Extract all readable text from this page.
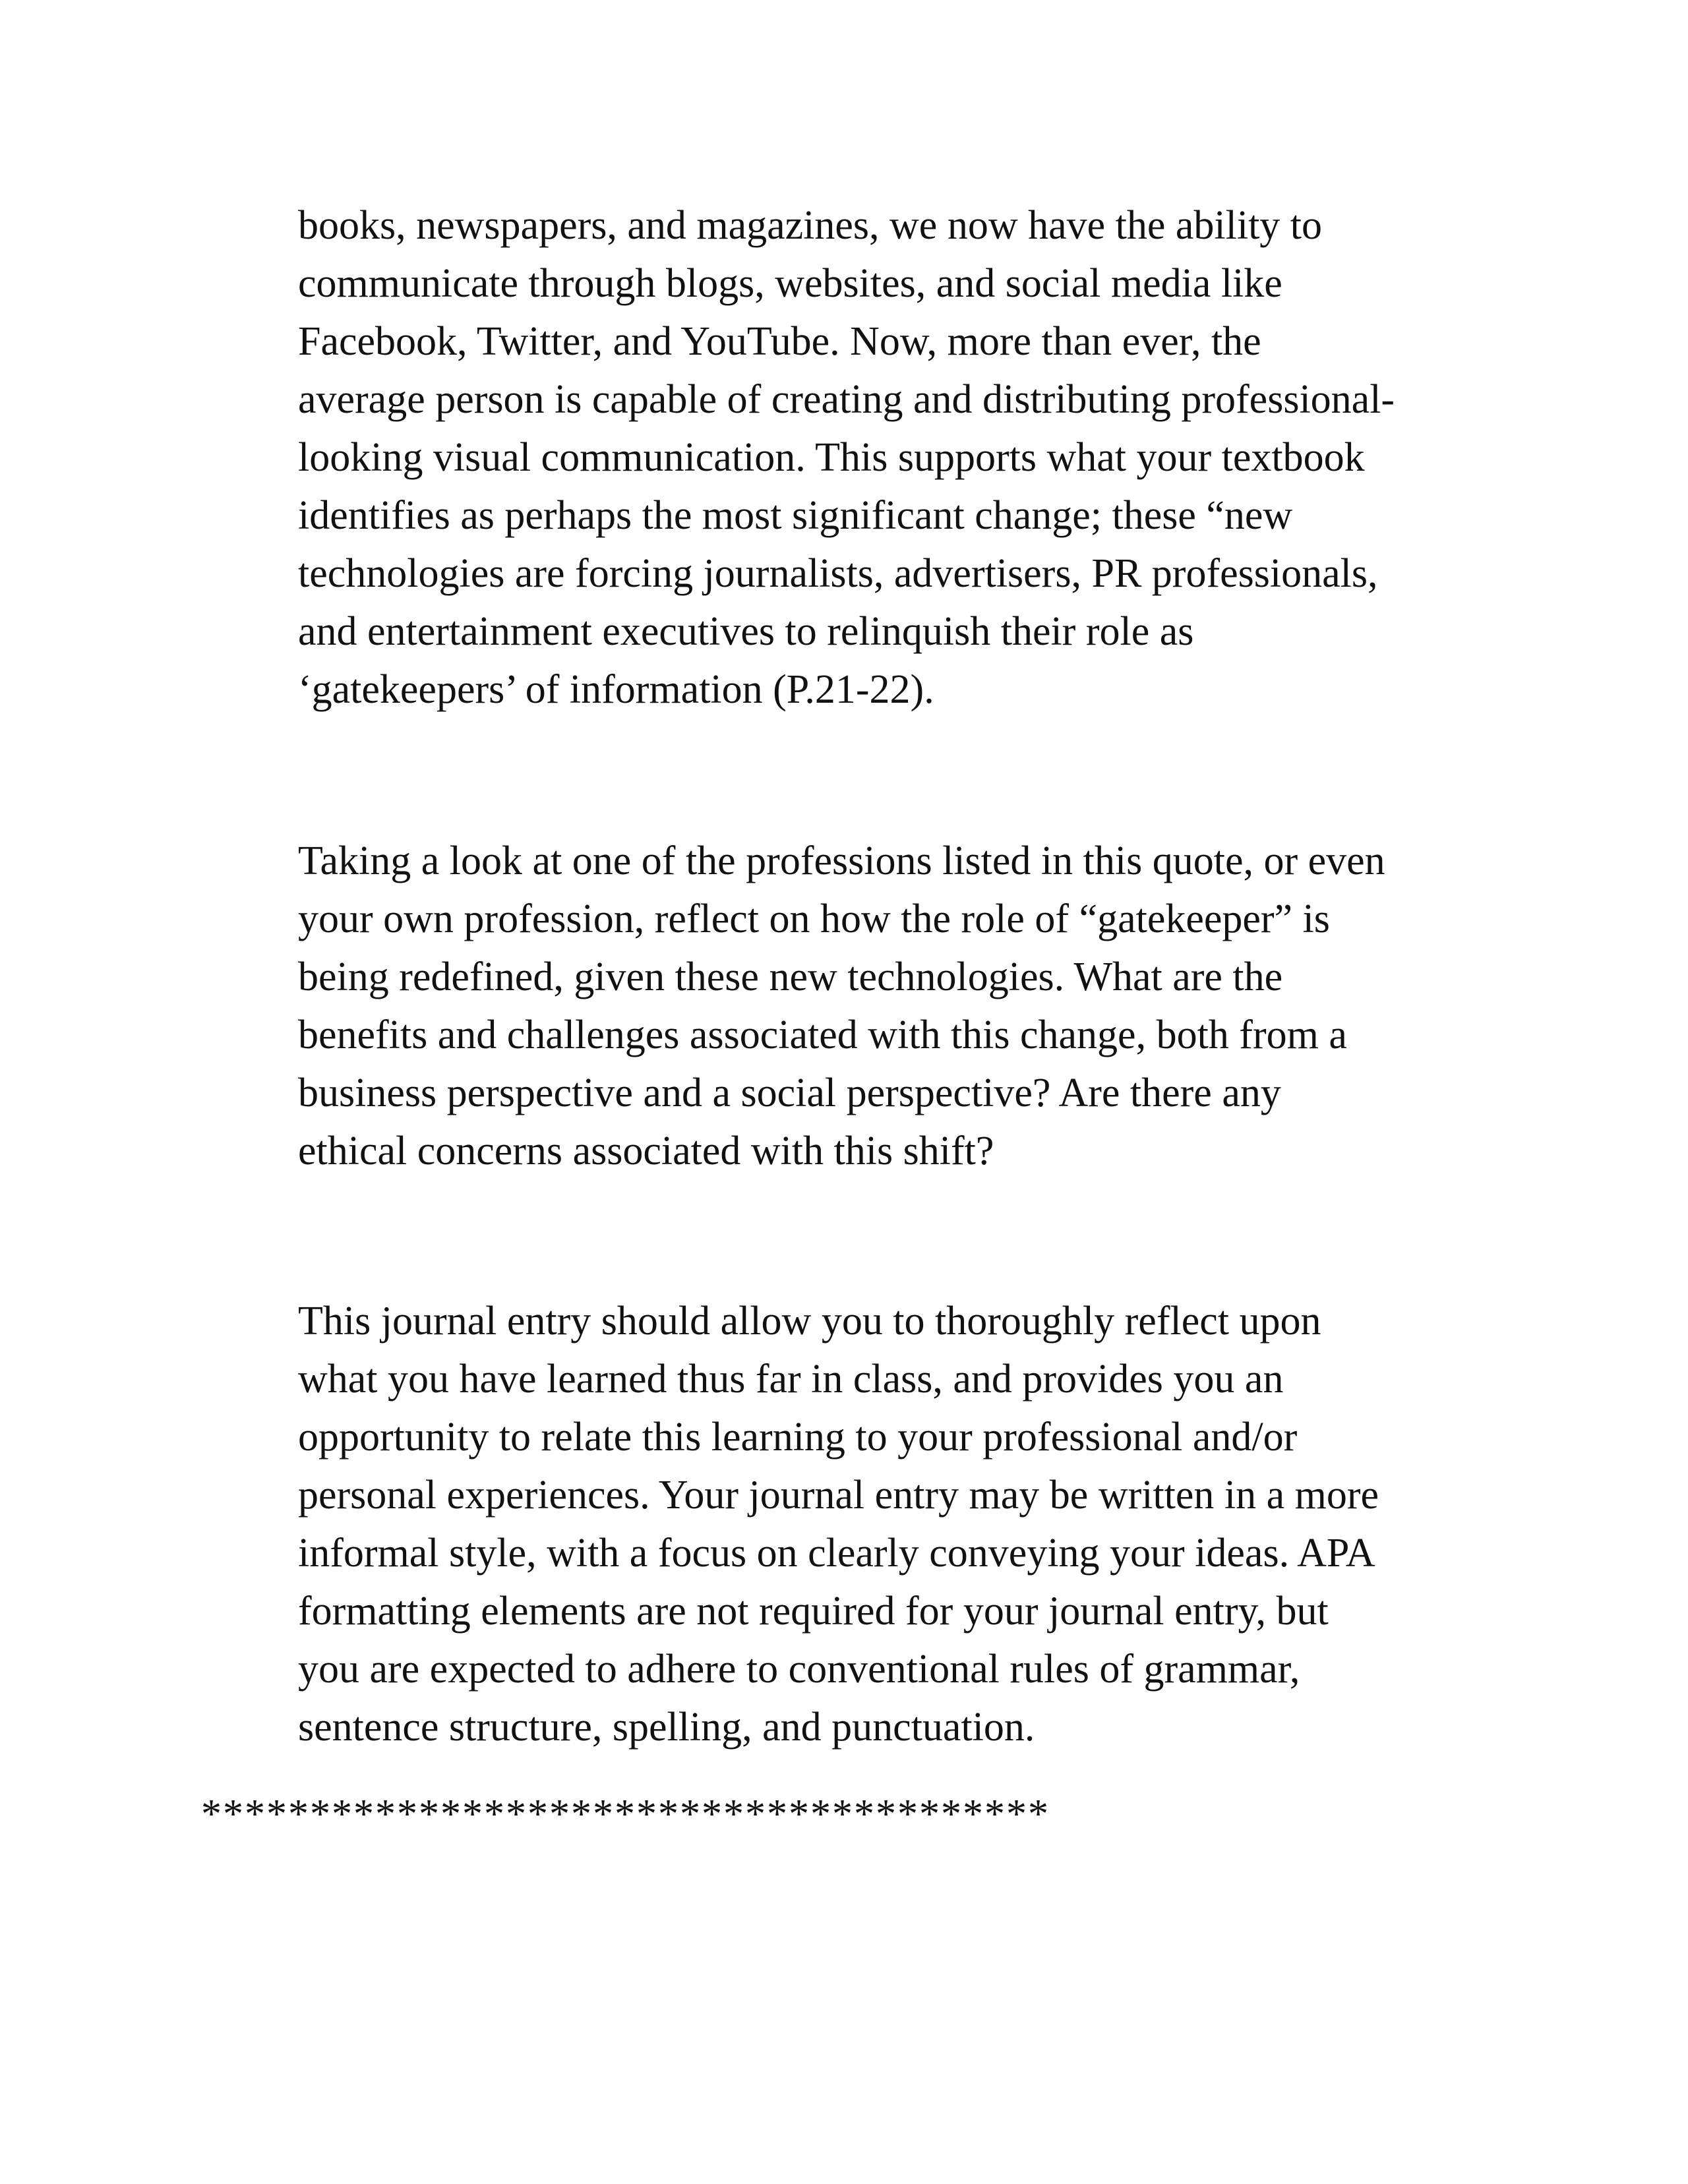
books, newspapers, and magazines, we now have the ability to
communicate through blogs, websites, and social media like
Facebook, Twitter, and YouTube. Now, more than ever, the
average person is capable of creating and distributing professional-
looking visual communication. This supports what your textbook
identifies as perhaps the most significant change; these “new
technologies are forcing journalists, advertisers, PR professionals,
and entertainment executives to relinquish their role as
‘gatekeepers’ of information (P.21-22).

Taking a look at one of the professions listed in this quote, or even
your own profession, reflect on how the role of “gatekeeper” is
being redefined, given these new technologies. What are the
benefits and challenges associated with this change, both from a
business perspective and a social perspective? Are there any
ethical concerns associated with this shift?

This journal entry should allow you to thoroughly reflect upon
what you have learned thus far in class, and provides you an
opportunity to relate this learning to your professional and/or
personal experiences. Your journal entry may be written in a more
informal style, with a focus on clearly conveying your ideas. APA
formatting elements are not required for your journal entry, but
you are expected to adhere to conventional rules of grammar,
sentence structure, spelling, and punctuation.

***************************************
